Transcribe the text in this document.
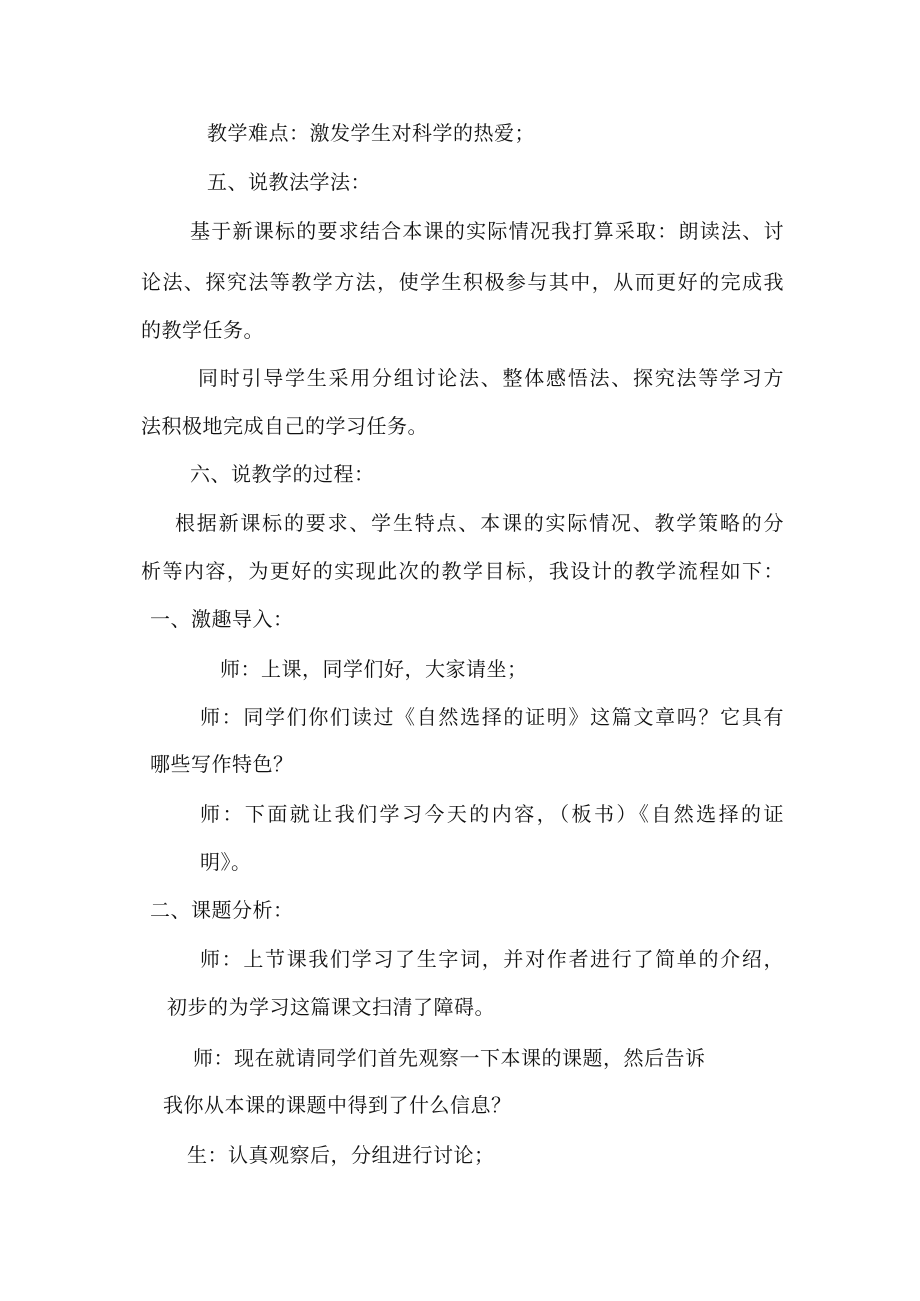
教学难点：激发学生对科学的热爱；
五、说教法学法：
基于新课标的要求结合本课的实际情况我打算采取：朗读法、讨
论法、探究法等教学方法，使学生积极参与其中，从而更好的完成我
的教学任务。
同时引导学生采用分组讨论法、整体感悟法、探究法等学习方
法积极地完成自己的学习任务。
六、说教学的过程：
根据新课标的要求、学生特点、本课的实际情况、教学策略的分
析等内容，为更好的实现此次的教学目标，我设计的教学流程如下：
一、激趣导入：
师：上课，同学们好，大家请坐；
师：同学们你们读过《自然选择的证明》这篇文章吗？它具有
哪些写作特色？
师：下面就让我们学习今天的内容，（板书）《自然选择的证
明》。
二、课题分析：
师：上节课我们学习了生字词，并对作者进行了简单的介绍，
初步的为学习这篇课文扫清了障碍。
师：现在就请同学们首先观察一下本课的课题，然后告诉
我你从本课的课题中得到了什么信息？
生：认真观察后，分组进行讨论；
